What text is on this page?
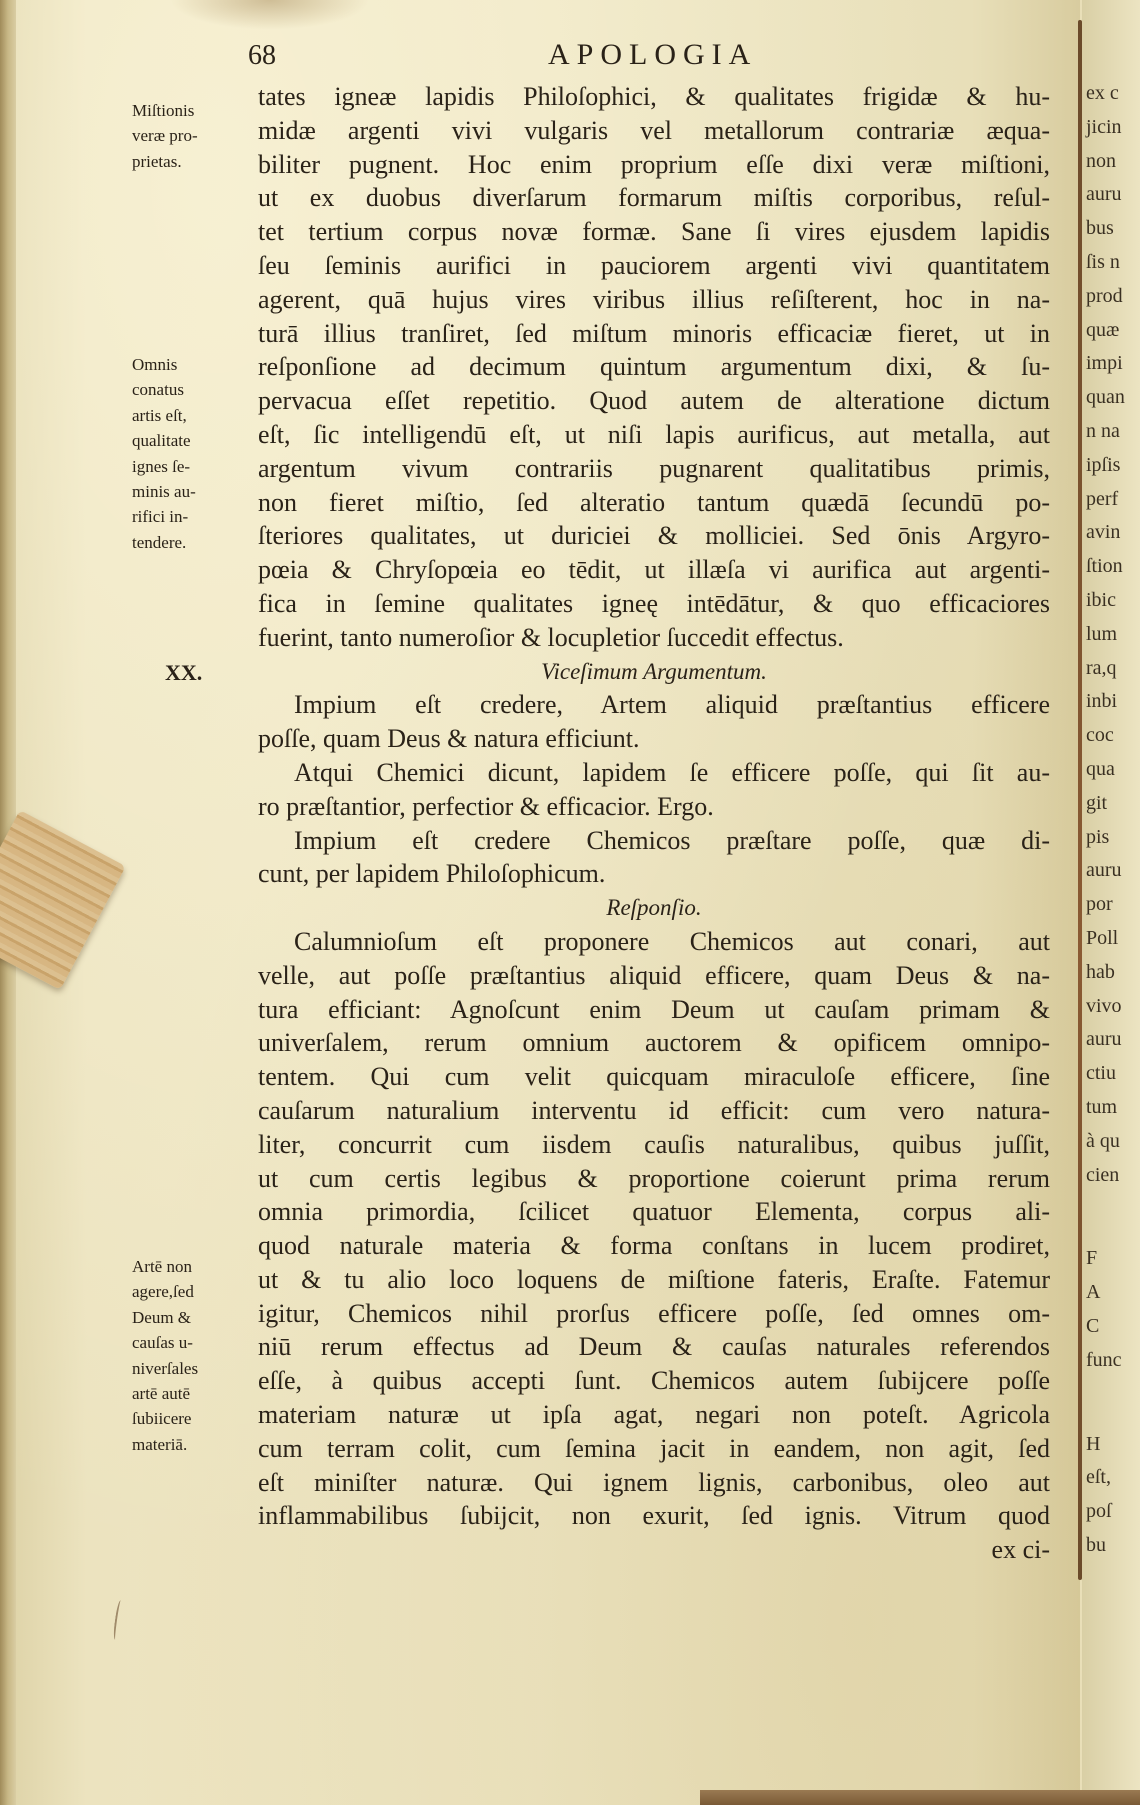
68	APOLOGIA
Miſtionis
veræ pro-
prietas.
Omnis
conatus
artis eſt,
qualitate
ignes ſe-
minis au-
rifici in-
tendere.
XX.
Artē non
agere,ſed
Deum &
cauſas u-
niverſales
artē autē
ſubiicere
materiā.
tates igneæ lapidis Philoſophici, & qualitates frigidæ & hu-
midæ argenti vivi vulgaris vel metallorum contrariæ æqua-
biliter pugnent. Hoc enim proprium eſſe dixi veræ miſtioni,
ut ex duobus diverſarum formarum miſtis corporibus, reſul-
tet tertium corpus novæ formæ. Sane ſi vires ejusdem lapidis
ſeu ſeminis aurifici in pauciorem argenti vivi quantitatem
agerent, quā hujus vires viribus illius reſiſterent, hoc in na-
turā illius tranſiret, ſed miſtum minoris efficaciæ fieret, ut in
reſponſione ad decimum quintum argumentum dixi, & ſu-
pervacua eſſet repetitio. Quod autem de alteratione dictum
eſt, ſic intelligendū eſt, ut niſi lapis aurificus, aut metalla, aut
argentum vivum contrariis pugnarent qualitatibus primis,
non fieret miſtio, ſed alteratio tantum quædā ſecundū po-
ſteriores qualitates, ut duriciei & molliciei. Sed ōnis Argyro-
pœia & Chryſopœia eo tēdit, ut illæſa vi aurifica aut argenti-
fica in ſemine qualitates igneę intēdātur, & quo efficaciores
fuerint, tanto numeroſior & locupletior ſuccedit effectus.
Viceſimum Argumentum.
Impium eſt credere, Artem aliquid præſtantius efficere
poſſe, quam Deus & natura efficiunt.
Atqui Chemici dicunt, lapidem ſe efficere poſſe, qui ſit au-
ro præſtantior, perfectior & efficacior. Ergo.
Impium eſt credere Chemicos præſtare poſſe, quæ di-
cunt, per lapidem Philoſophicum.
Reſponſio.
Calumnioſum eſt proponere Chemicos aut conari, aut
velle, aut poſſe præſtantius aliquid efficere, quam Deus & na-
tura efficiant: Agnoſcunt enim Deum ut cauſam primam &
univerſalem, rerum omnium auctorem & opificem omnipo-
tentem. Qui cum velit quicquam miraculoſe efficere, ſine
cauſarum naturalium interventu id efficit: cum vero natura-
liter, concurrit cum iisdem cauſis naturalibus, quibus juſſit,
ut cum certis legibus & proportione coierunt prima rerum
omnia primordia, ſcilicet quatuor Elementa, corpus ali-
quod naturale materia & forma conſtans in lucem prodiret,
ut & tu alio loco loquens de miſtione fateris, Eraſte. Fatemur
igitur, Chemicos nihil prorſus efficere poſſe, ſed omnes om-
niū rerum effectus ad Deum & cauſas naturales referendos
eſſe, à quibus accepti ſunt. Chemicos autem ſubijcere poſſe
materiam naturæ ut ipſa agat, negari non poteſt. Agricola
cum terram colit, cum ſemina jacit in eandem, non agit, ſed
eſt miniſter naturæ. Qui ignem lignis, carbonibus, oleo aut
inflammabilibus ſubijcit, non exurit, ſed ignis. Vitrum quod
ex ci-
ex c
jicin
non
auru
bus
ſis n
prod
quæ
impi
quan
n na
ipſis
perf
avin
ſtion
ibic
lum
ra,q
inbi
coc
qua
git
pis
auru
por
Poll
hab
vivo
auru
ctiu
tum
à qu
cien
F
A
C
func
H
eſt,
poſ
bu
